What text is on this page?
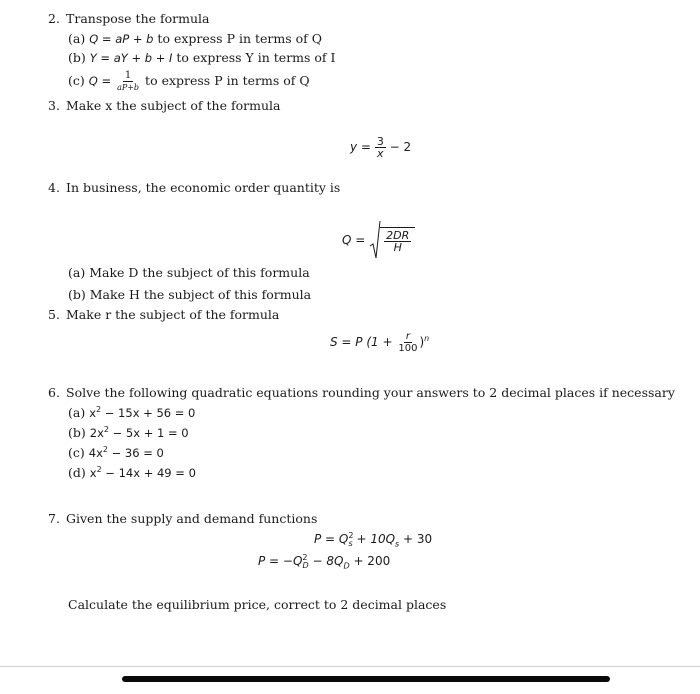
2. Transpose the formula
(a) Q = aP + b to express P in terms of Q
(b) Y = aY + b + I to express Y in terms of I
(c) $Q = \frac{1}{aP+b}$ to express P in terms of Q
3. Make x the subject of the formula
$y = \frac{3}{x} - 2$
4. In business, the economic order quantity is
$Q = \frac{2DR}{H}$
(a) Make D the subject of this formula
(b) Make H the subject of this formula
5. Make r the subject of the formula
S = P $(1 + \frac{r}{100} )^n$
6. Solve the following quadratic equations rounding your answers to 2 decimal places if necessary
(a) $x^2 - 15x + 56 = 0$
(b) $2x^2 - 5x + 1 = 0$
(c) $4x^2 - 36 = 0$
(d) $x^2 - 14x + 49 = 0$
7. Given the supply and demand functions
$P = Q^2_s + 10Q_s + 30$
$P = -Q^2_D - 8Q_D + 200$
Calculate the equilibrium price, correct to 2 decimal places
